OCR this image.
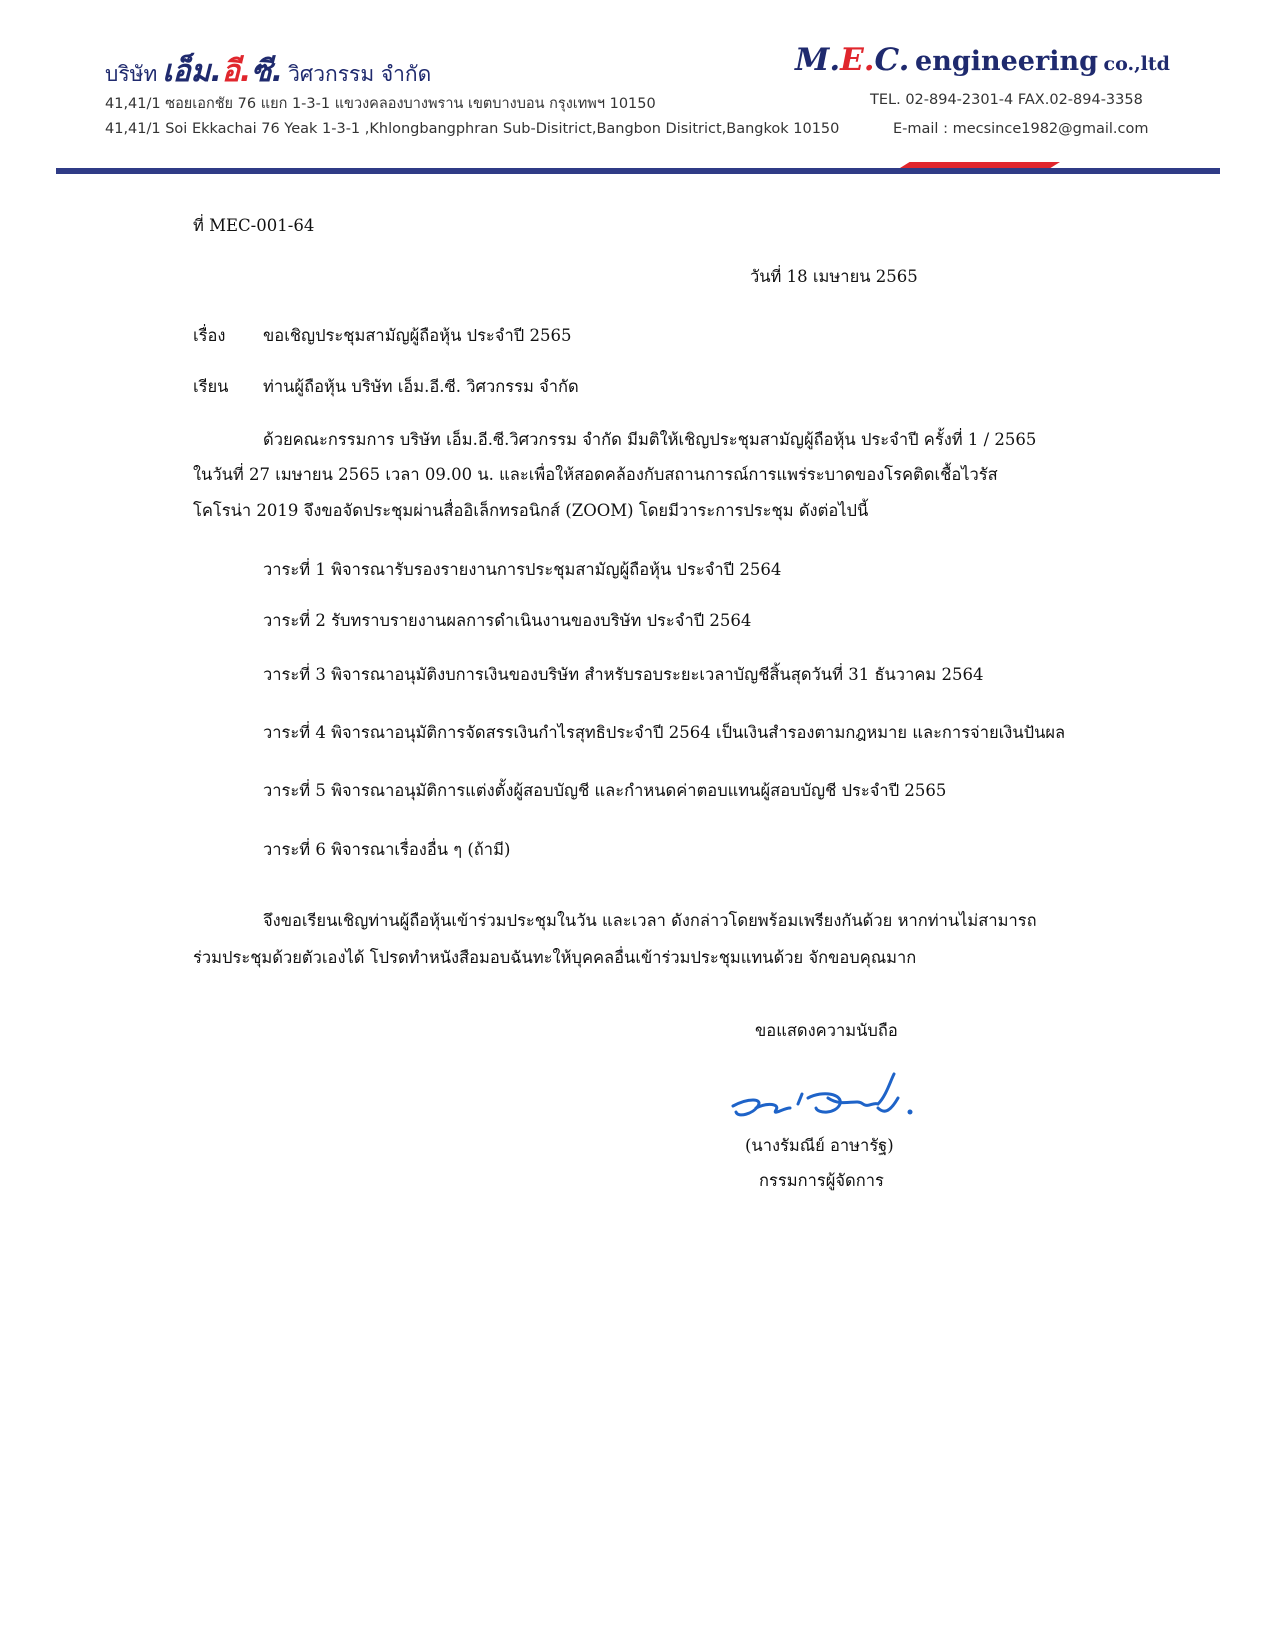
บริษัท เอ็ม.อี.ซี. วิศวกรรม จำกัด	M.E.C. engineering co.,ltd
41,41/1 ซอยเอกชัย 76 แยก 1-3-1 แขวงคลองบางพราน เขตบางบอน กรุงเทพฯ 10150
41,41/1 Soi Ekkachai 76 Yeak 1-3-1 ,Khlongbangphran Sub-Disitrict,Bangbon Disitrict,Bangkok 10150
TEL. 02-894-2301-4 FAX.02-894-3358
E-mail : mecsince1982@gmail.com
ที่ MEC-001-64
วันที่ 18 เมษายน 2565
เรื่อง ขอเชิญประชุมสามัญผู้ถือหุ้น ประจำปี 2565
เรียน ท่านผู้ถือหุ้น บริษัท เอ็ม.อี.ซี. วิศวกรรม จำกัด
ด้วยคณะกรรมการ บริษัท เอ็ม.อี.ซี.วิศวกรรม จำกัด มีมติให้เชิญประชุมสามัญผู้ถือหุ้น ประจำปี ครั้งที่ 1 / 2565
ในวันที่ 27 เมษายน 2565 เวลา 09.00 น. และเพื่อให้สอดคล้องกับสถานการณ์การแพร่ระบาดของโรคติดเชื้อไวรัส
โคโรน่า 2019 จึงขอจัดประชุมผ่านสื่ออิเล็กทรอนิกส์ (ZOOM) โดยมีวาระการประชุม ดังต่อไปนี้
วาระที่ 1 พิจารณารับรองรายงานการประชุมสามัญผู้ถือหุ้น ประจำปี 2564
วาระที่ 2 รับทราบรายงานผลการดำเนินงานของบริษัท ประจำปี 2564
วาระที่ 3 พิจารณาอนุมัติงบการเงินของบริษัท สำหรับรอบระยะเวลาบัญชีสิ้นสุดวันที่ 31 ธันวาคม 2564
วาระที่ 4 พิจารณาอนุมัติการจัดสรรเงินกำไรสุทธิประจำปี 2564 เป็นเงินสำรองตามกฎหมาย และการจ่ายเงินปันผล
วาระที่ 5 พิจารณาอนุมัติการแต่งตั้งผู้สอบบัญชี และกำหนดค่าตอบแทนผู้สอบบัญชี ประจำปี 2565
วาระที่ 6 พิจารณาเรื่องอื่น ๆ (ถ้ามี)
จึงขอเรียนเชิญท่านผู้ถือหุ้นเข้าร่วมประชุมในวัน และเวลา ดังกล่าวโดยพร้อมเพรียงกันด้วย หากท่านไม่สามารถ
ร่วมประชุมด้วยตัวเองได้ โปรดทำหนังสือมอบฉันทะให้บุคคลอื่นเข้าร่วมประชุมแทนด้วย จักขอบคุณมาก
ขอแสดงความนับถือ
(นางรัมณีย์ อาษารัฐ)
กรรมการผู้จัดการ
